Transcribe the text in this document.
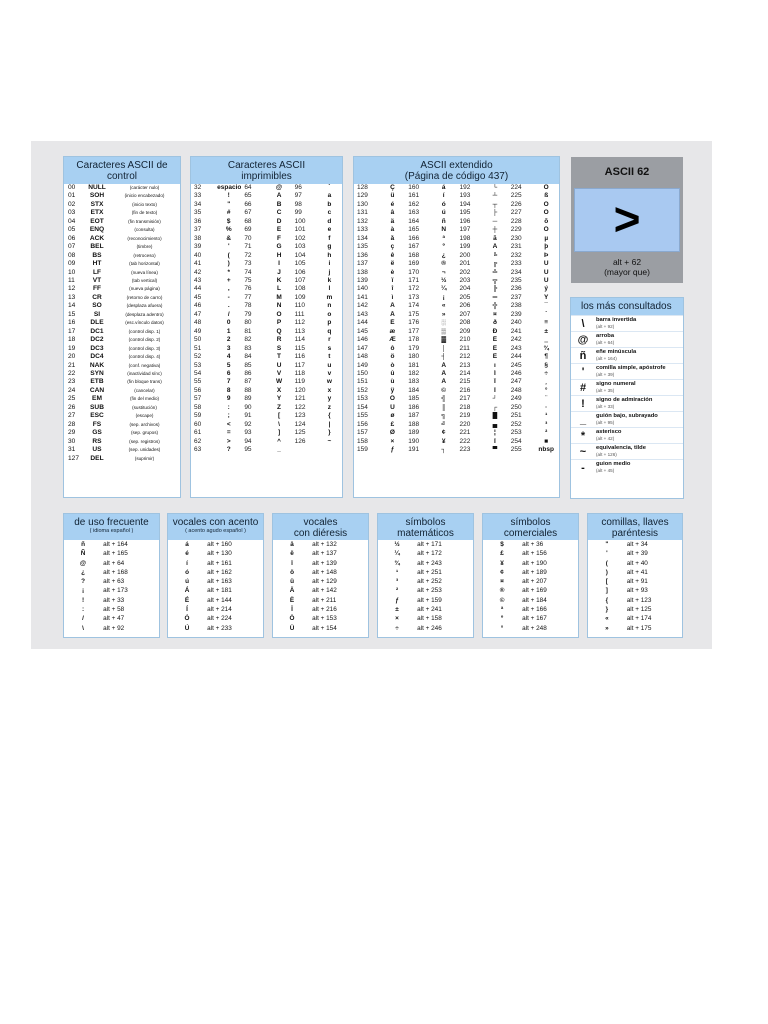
Caracteres ASCII de
control
00	NULL	(carácter nulo)
01	SOH	(inicio encabezado)
02	STX	(inicio texto)
03	ETX	(fin de texto)
04	EOT	(fin transmisión)
05	ENQ	(consulta)
06	ACK	(reconocimiento)
07	BEL	(timbre)
08	BS	(retroceso)
09	HT	(tab horizontal)
10	LF	(nueva línea)
11	VT	(tab vertical)
12	FF	(nueva página)
13	CR	(retorno de carro)
14	SO	(desplaza afuera)
15	SI	(desplaza adentro)
16	DLE	(esc.vínculo datos)
17	DC1	(control disp. 1)
18	DC2	(control disp. 2)
19	DC3	(control disp. 3)
20	DC4	(control disp. 4)
21	NAK	(conf. negativa)
22	SYN	(inactividad sínc)
23	ETB	(fin bloque trans)
24	CAN	(cancelar)
25	EM	(fin del medio)
26	SUB	(sustitución)
27	ESC	(escape)
28	FS	(sep. archivos)
29	GS	(sep. grupos)
30	RS	(sep. registros)
31	US	(sep. unidades)
127	DEL	(suprimir)
Caracteres ASCII
imprimibles
32	espacio	64	@	96	`
33	!	65	A	97	a
34	"	66	B	98	b
35	#	67	C	99	c
36	$	68	D	100	d
37	%	69	E	101	e
38	&	70	F	102	f
39	'	71	G	103	g
40	(	72	H	104	h
41	)	73	I	105	i
42	*	74	J	106	j
43	+	75	K	107	k
44	,	76	L	108	l
45	-	77	M	109	m
46	.	78	N	110	n
47	/	79	O	111	o
48	0	80	P	112	p
49	1	81	Q	113	q
50	2	82	R	114	r
51	3	83	S	115	s
52	4	84	T	116	t
53	5	85	U	117	u
54	6	86	V	118	v
55	7	87	W	119	w
56	8	88	X	120	x
57	9	89	Y	121	y
58	:	90	Z	122	z
59	;	91	[	123	{
60	<	92	\	124	|
61	=	93	]	125	}
62	>	94	^	126	~
63	?	95	_		
ASCII extendido
(Página de código 437)
128	Ç	160	á	192	└	224	Ó
129	ü	161	í	193	┴	225	ß
130	é	162	ó	194	┬	226	Ô
131	â	163	ú	195	├	227	Ò
132	ä	164	ñ	196	─	228	õ
133	à	165	Ñ	197	┼	229	Õ
134	å	166	ª	198	ã	230	µ
135	ç	167	º	199	Ã	231	þ
136	ê	168	¿	200	╚	232	Þ
137	ë	169	®	201	╔	233	Ú
138	è	170	¬	202	╩	234	Û
139	ï	171	½	203	╦	235	Ù
140	î	172	¼	204	╠	236	ý
141	ì	173	¡	205	═	237	Ý
142	Ä	174	«	206	╬	238	¯
143	Å	175	»	207	¤	239	´
144	É	176	░	208	ð	240	≡
145	æ	177	▒	209	Ð	241	±
146	Æ	178	▓	210	Ê	242	‗
147	ô	179	│	211	Ë	243	¾
148	ö	180	┤	212	È	244	¶
149	ò	181	Á	213	ı	245	§
150	û	182	Â	214	Í	246	÷
151	ù	183	À	215	Î	247	¸
152	ÿ	184	©	216	Ï	248	°
153	Ö	185	╣	217	┘	249	¨
154	Ü	186	║	218	┌	250	·
155	ø	187	╗	219	█	251	¹
156	£	188	╝	220	▄	252	³
157	Ø	189	¢	221	¦	253	²
158	×	190	¥	222	Ì	254	■
159	ƒ	191	┐	223	▀	255	nbsp
ASCII 62
>
alt + 62
(mayor que)
los más consultados
\	barra invertida
(alt + 92)
@	arroba
(alt + 64)
ñ	eñe minúscula
(alt + 164)
'	comilla simple, apóstrofe
(alt + 39)
#	signo numeral
(alt + 35)
!	signo de admiración
(alt + 33)
_	guión bajo, subrayado
(alt + 95)
*	asterisco
(alt + 42)
~	equivalencia, tilde
(alt + 126)
-	guion medio
(alt + 45)
de uso frecuente
( idioma español )
ñ	alt + 164
Ñ	alt + 165
@	alt + 64
¿	alt + 168
?	alt + 63
¡	alt + 173
!	alt + 33
:	alt + 58
/	alt + 47
\	alt + 92
vocales con acento
( acento agudo español )
á	alt + 160
é	alt + 130
í	alt + 161
ó	alt + 162
ú	alt + 163
Á	alt + 181
É	alt + 144
Í	alt + 214
Ó	alt + 224
Ú	alt + 233
vocales
con diéresis
ä	alt + 132
ë	alt + 137
ï	alt + 139
ö	alt + 148
ü	alt + 129
Ä	alt + 142
Ë	alt + 211
Ï	alt + 216
Ö	alt + 153
Ü	alt + 154
símbolos
matemáticos
½	alt + 171
¼	alt + 172
¾	alt + 243
¹	alt + 251
³	alt + 252
²	alt + 253
ƒ	alt + 159
±	alt + 241
×	alt + 158
÷	alt + 246
símbolos
comerciales
$	alt + 36
£	alt + 156
¥	alt + 190
¢	alt + 189
¤	alt + 207
®	alt + 169
©	alt + 184
ª	alt + 166
º	alt + 167
°	alt + 248
comillas, llaves
paréntesis
"	alt + 34
'	alt + 39
(	alt + 40
)	alt + 41
[	alt + 91
]	alt + 93
{	alt + 123
}	alt + 125
«	alt + 174
»	alt + 175
